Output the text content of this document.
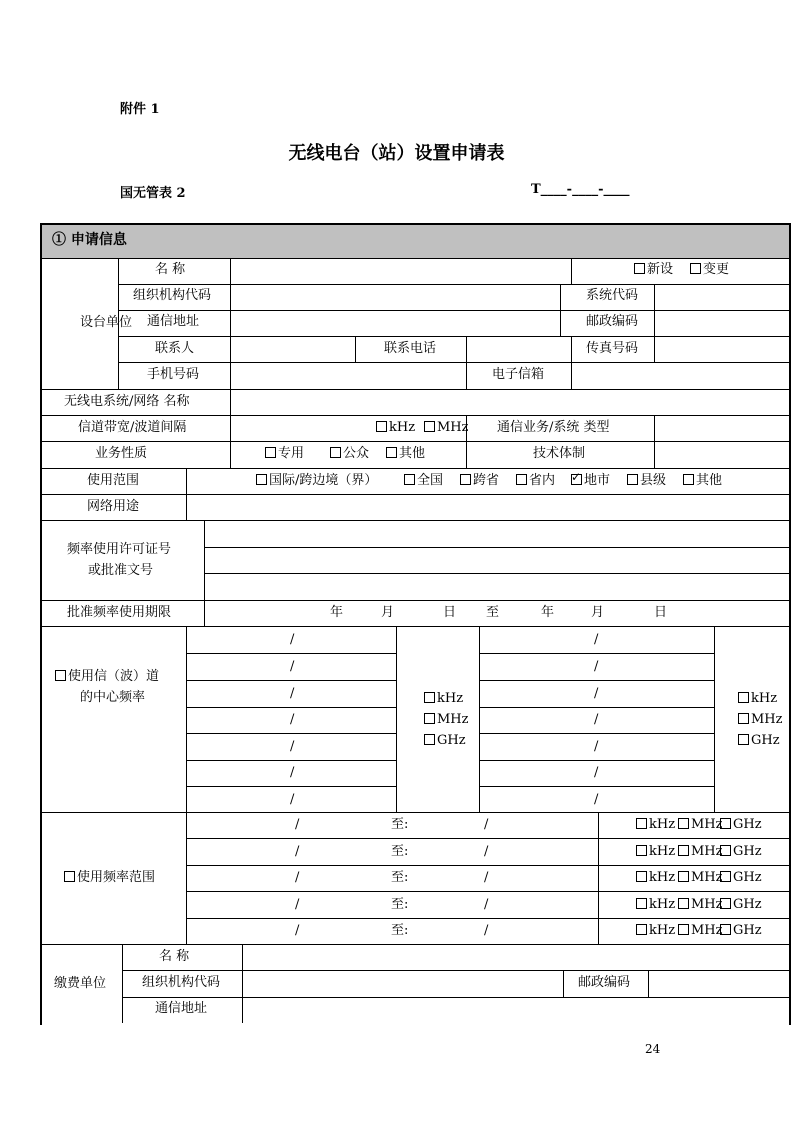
附件 1
无线电台（站）设置申请表
国无管表 2	T____-____-____
① 申请信息
设台单位
名 称	新设	变更
组织机构代码	系统代码
通信地址	邮政编码
联系人	联系电话	传真号码
手机号码	电子信箱
无线电系统/网络 名称
信道带宽/波道间隔	kHz	MHz 通信业务/系统 类型
业务性质	专用	公众	其他	技术体制
使用范围	国际/跨边境（界）	全国	跨省	省内
✓	地市	县级	其他
网络用途
频率使用许可证号
或批准文号
批准频率使用期限	年	月	日 至	年	月	日
使用信（波）道
的中心频率
/	/
/	/
/	/
/	/
/	/
/	/
/	/
kHz	kHz
MHz	MHz
GHz	GHz
使用频率范围
/	至:	/	kHz	MHz GHz
/	至:	/	kHz	MHz GHz
/	至:	/	kHz	MHz GHz
/	至:	/	kHz	MHz GHz
/	至:	/	kHz	MHz GHz
缴费单位
名 称
组织机构代码	邮政编码
通信地址
24
